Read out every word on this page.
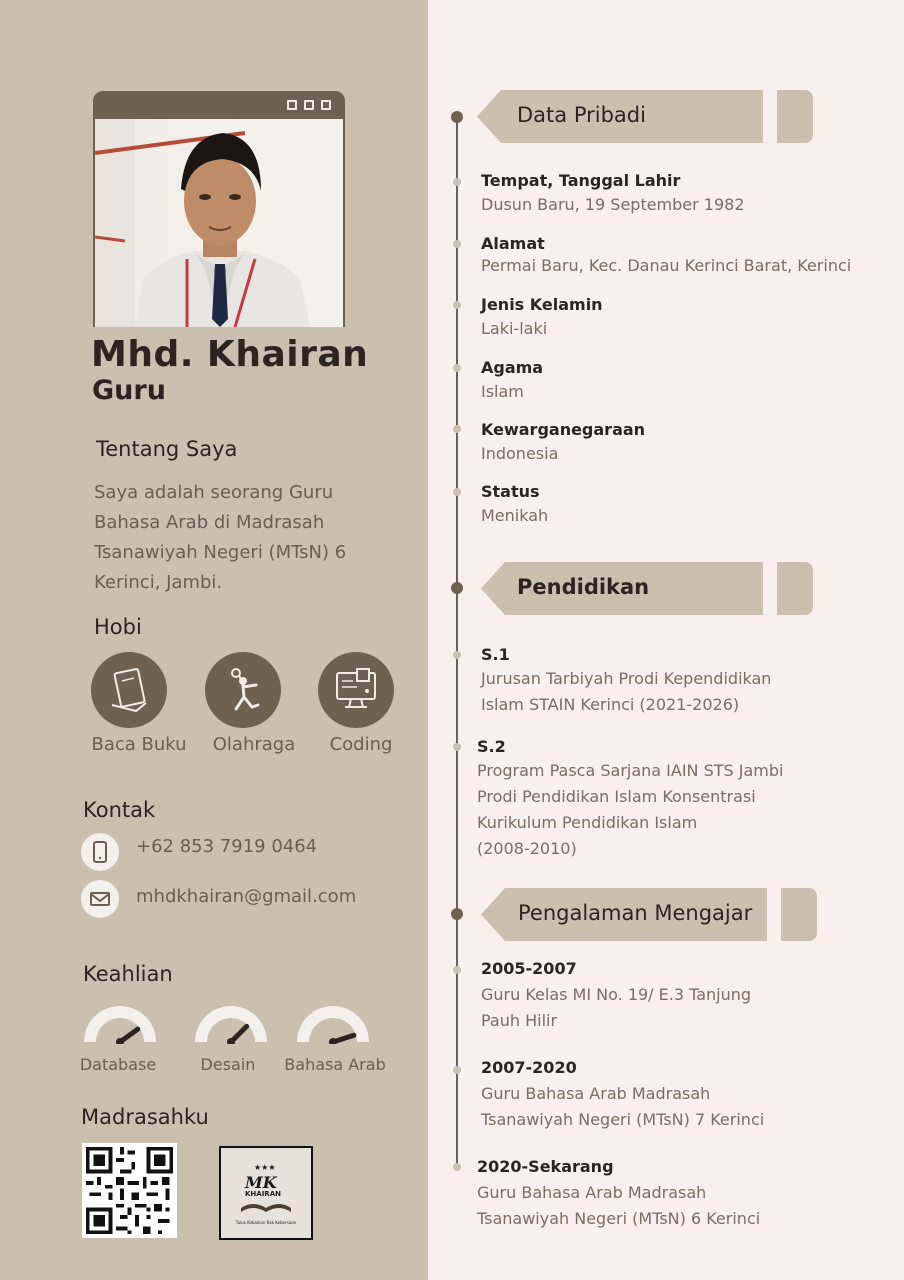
Mhd. Khairan
Guru
Tentang Saya
Saya adalah seorang Guru Bahasa Arab di Madrasah Tsanawiyah Negeri (MTsN) 6 Kerinci, Jambi.
Hobi
Baca Buku	Olahraga	Coding
Kontak
+62 853 7919 0464
mhdkhairan@gmail.com
Keahlian
Database	Desain	Bahasa Arab
Madrasahku
★★★
MK
KHAIRAN
Tulus Kebaikan Kak Kebersaan
Data Pribadi
Tempat, Tanggal Lahir
Dusun Baru, 19 September 1982
Alamat
Permai Baru, Kec. Danau Kerinci Barat, Kerinci
Jenis Kelamin
Laki-laki
Agama
Islam
Kewarganegaraan
Indonesia
Status
Menikah
Pendidikan
S.1
Jurusan Tarbiyah Prodi Kependidikan
Islam STAIN Kerinci (2021-2026)
S.2
Program Pasca Sarjana IAIN STS Jambi
Prodi Pendidikan Islam Konsentrasi
Kurikulum Pendidikan Islam
(2008-2010)
Pengalaman Mengajar
2005-2007
Guru Kelas MI No. 19/ E.3 Tanjung
Pauh Hilir
2007-2020
Guru Bahasa Arab Madrasah
Tsanawiyah Negeri (MTsN) 7 Kerinci
2020-Sekarang
Guru Bahasa Arab Madrasah
Tsanawiyah Negeri (MTsN) 6 Kerinci
